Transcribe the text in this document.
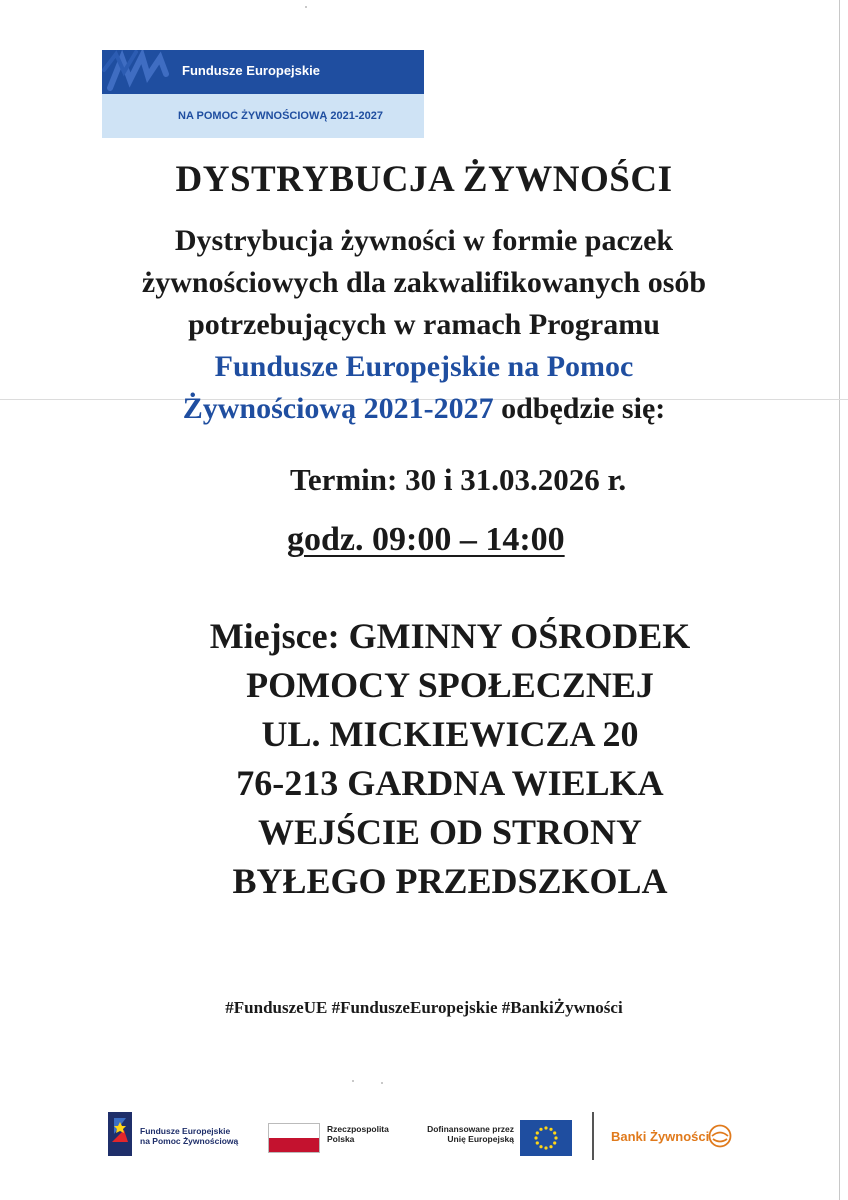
Fundusze Europejskie
NA POMOC ŻYWNOŚCIOWĄ 2021-2027
DYSTRYBUCJA ŻYWNOŚCI
Dystrybucja żywności w formie paczek
żywnościowych dla zakwalifikowanych osób
potrzebujących w ramach Programu
Fundusze Europejskie na Pomoc
Żywnościową 2021-2027 odbędzie się:
Termin: 30 i 31.03.2026 r.
godz. 09:00 – 14:00
Miejsce: GMINNY OŚRODEK
POMOCY SPOŁECZNEJ
UL. MICKIEWICZA 20
76-213 GARDNA WIELKA
WEJŚCIE OD STRONY
BYŁEGO PRZEDSZKOLA
#FunduszeUE #FunduszeEuropejskie #BankiŻywności
Fundusze Europejskie
na Pomoc Żywnościową
Rzeczpospolita
Polska
Dofinansowane przez
Unię Europejską	Banki Żywności
